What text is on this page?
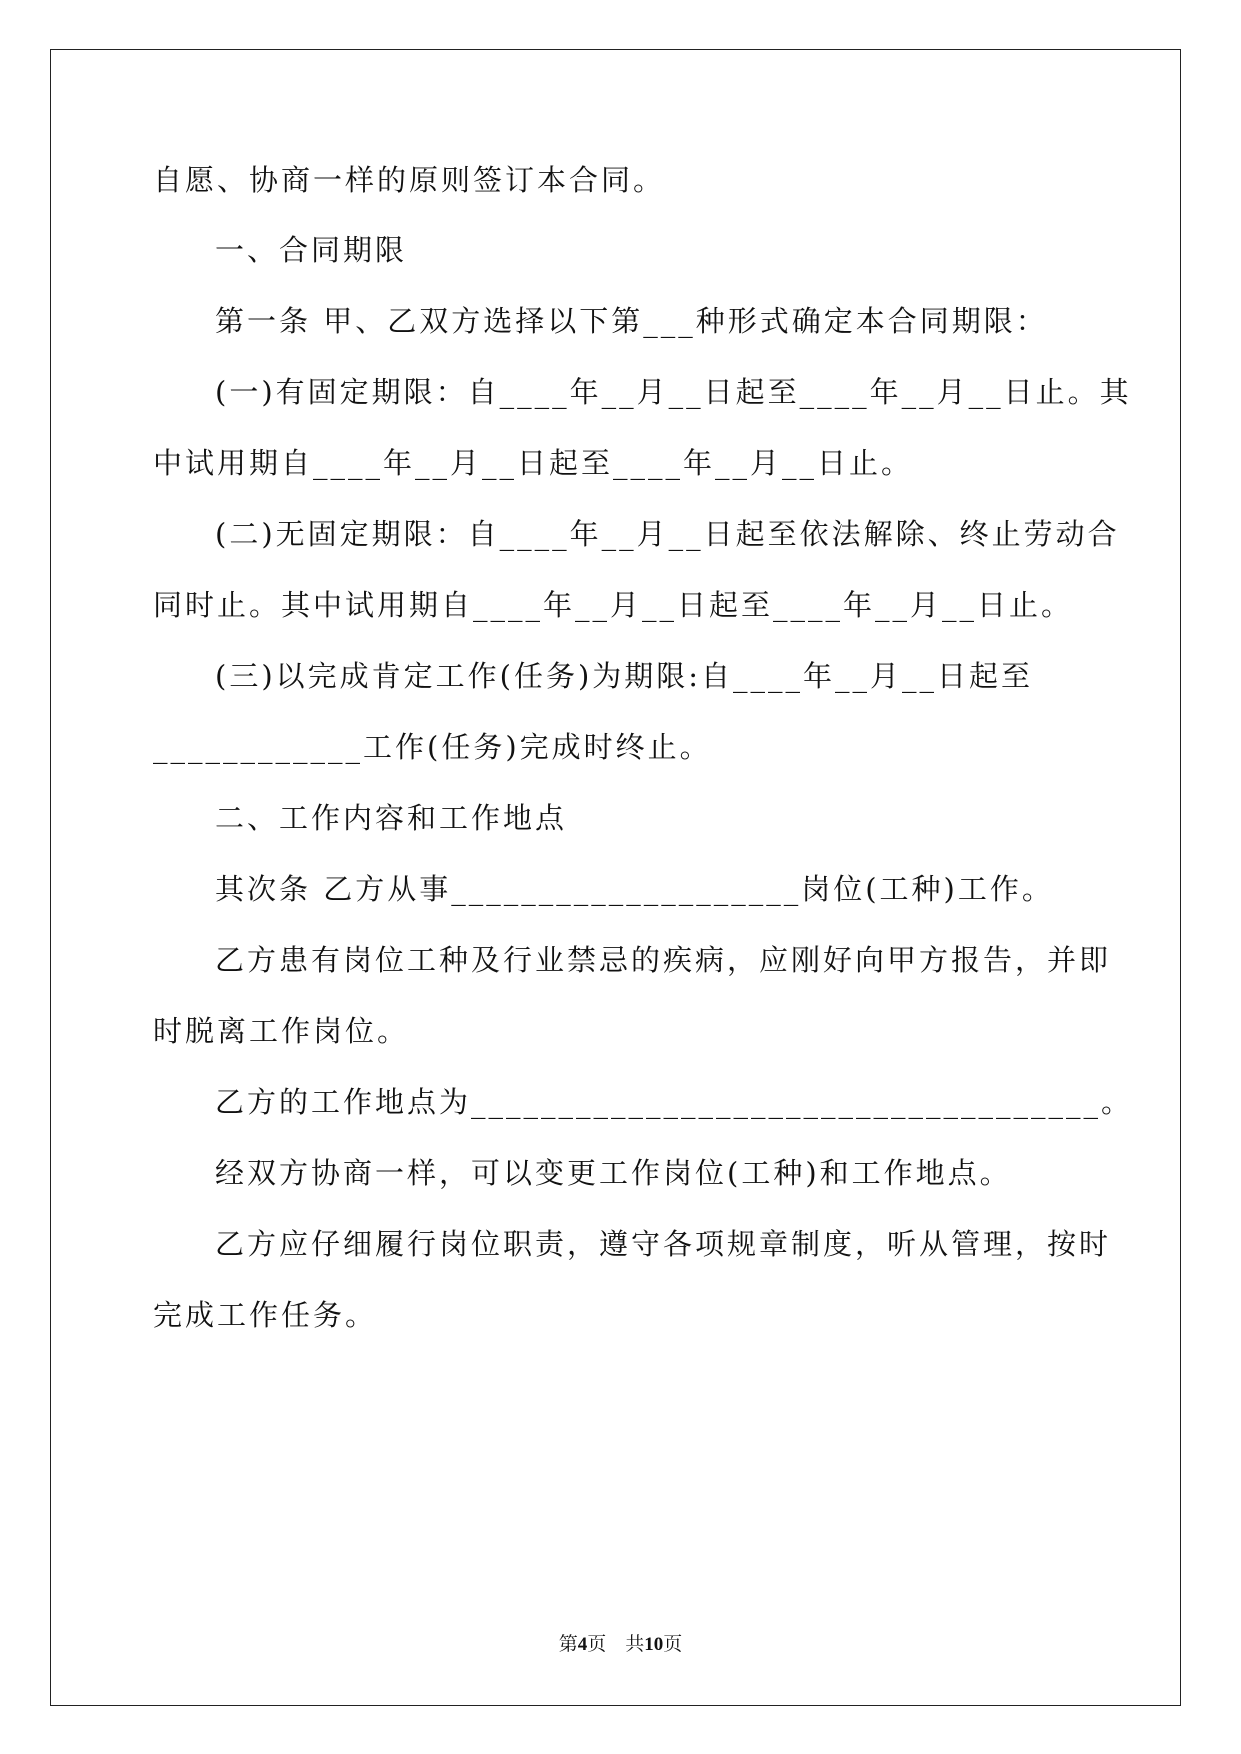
自愿、协商一样的原则签订本合同。
一、合同期限
第一条 甲、乙双方选择以下第___种形式确定本合同期限：
(一)有固定期限：自____年__月__日起至____年__月__日止。其
中试用期自____年__月__日起至____年__月__日止。
(二)无固定期限：自____年__月__日起至依法解除、终止劳动合
同时止。其中试用期自____年__月__日起至____年__月__日止。
(三)以完成肯定工作(任务)为期限:自____年__月__日起至
____________工作(任务)完成时终止。
二、工作内容和工作地点
其次条 乙方从事____________________岗位(工种)工作。
乙方患有岗位工种及行业禁忌的疾病，应刚好向甲方报告，并即
时脱离工作岗位。
乙方的工作地点为____________________________________。
经双方协商一样，可以变更工作岗位(工种)和工作地点。
乙方应仔细履行岗位职责，遵守各项规章制度，听从管理，按时
完成工作任务。
第4页　共10页
